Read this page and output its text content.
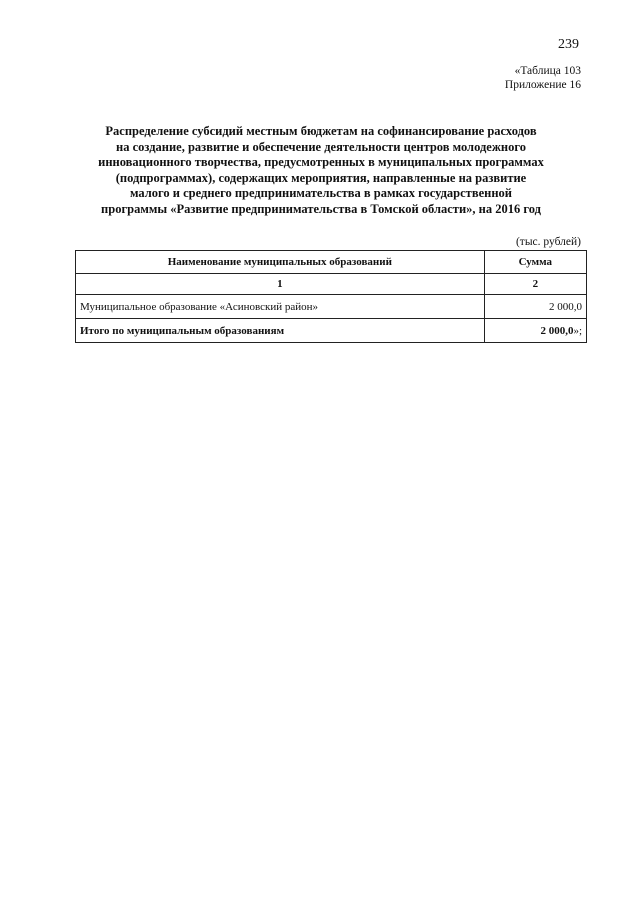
239
«Таблица 103
Приложение 16
Распределение субсидий местным бюджетам на софинансирование расходов
на создание, развитие и обеспечение деятельности центров молодежного
инновационного творчества, предусмотренных в муниципальных программах
(подпрограммах), содержащих мероприятия, направленные на развитие
малого и среднего предпринимательства в рамках государственной
программы «Развитие предпринимательства в Томской области», на 2016 год
(тыс. рублей)
Наименование муниципальных образований	Сумма
1	2
Муниципальное образование «Асиновский район»	2 000,0
Итого по муниципальным образованиям	2 000,0»;
